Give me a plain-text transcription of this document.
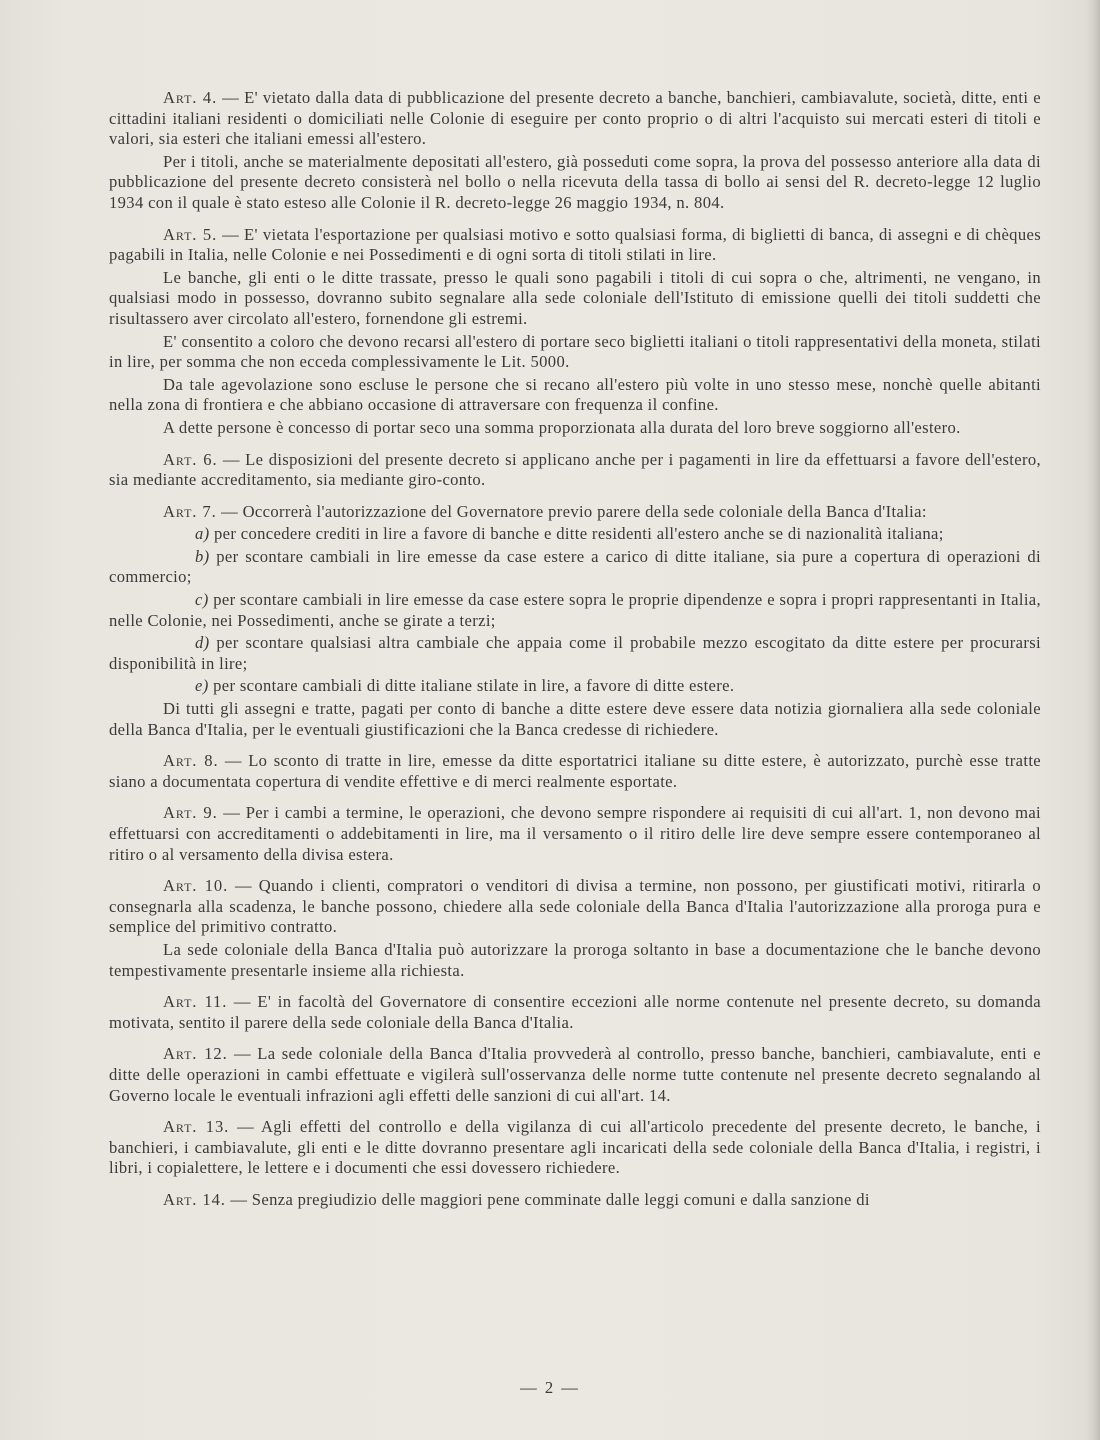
Art. 4. — E' vietato dalla data di pubblicazione del presente decreto a banche, banchieri, cambiavalute, società, ditte, enti e cittadini italiani residenti o domiciliati nelle Colonie di eseguire per conto proprio o di altri l'acquisto sui mercati esteri di titoli e valori, sia esteri che italiani emessi all'estero.

Per i titoli, anche se materialmente depositati all'estero, già posseduti come sopra, la prova del possesso anteriore alla data di pubblicazione del presente decreto consisterà nel bollo o nella ricevuta della tassa di bollo ai sensi del R. decreto-legge 12 luglio 1934 con il quale è stato esteso alle Colonie il R. decreto-legge 26 maggio 1934, n. 804.

Art. 5. — E' vietata l'esportazione per qualsiasi motivo e sotto qualsiasi forma, di biglietti di banca, di assegni e di chèques pagabili in Italia, nelle Colonie e nei Possedimenti e di ogni sorta di titoli stilati in lire.

Le banche, gli enti o le ditte trassate, presso le quali sono pagabili i titoli di cui sopra o che, altrimenti, ne vengano, in qualsiasi modo in possesso, dovranno subito segnalare alla sede coloniale dell'Istituto di emissione quelli dei titoli suddetti che risultassero aver circolato all'estero, fornendone gli estremi.

E' consentito a coloro che devono recarsi all'estero di portare seco biglietti italiani o titoli rappresentativi della moneta, stilati in lire, per somma che non ecceda complessivamente le Lit. 5000.

Da tale agevolazione sono escluse le persone che si recano all'estero più volte in uno stesso mese, nonchè quelle abitanti nella zona di frontiera e che abbiano occasione di attraversare con frequenza il confine.

A dette persone è concesso di portar seco una somma proporzionata alla durata del loro breve soggiorno all'estero.

Art. 6. — Le disposizioni del presente decreto si applicano anche per i pagamenti in lire da effettuarsi a favore dell'estero, sia mediante accreditamento, sia mediante giro-conto.

Art. 7. — Occorrerà l'autorizzazione del Governatore previo parere della sede coloniale della Banca d'Italia:

a) per concedere crediti in lire a favore di banche e ditte residenti all'estero anche se di nazionalità italiana;

b) per scontare cambiali in lire emesse da case estere a carico di ditte italiane, sia pure a copertura di operazioni di commercio;

c) per scontare cambiali in lire emesse da case estere sopra le proprie dipendenze e sopra i propri rappresentanti in Italia, nelle Colonie, nei Possedimenti, anche se girate a terzi;

d) per scontare qualsiasi altra cambiale che appaia come il probabile mezzo escogitato da ditte estere per procurarsi disponibilità in lire;

e) per scontare cambiali di ditte italiane stilate in lire, a favore di ditte estere.

Di tutti gli assegni e tratte, pagati per conto di banche a ditte estere deve essere data notizia giornaliera alla sede coloniale della Banca d'Italia, per le eventuali giustificazioni che la Banca credesse di richiedere.

Art. 8. — Lo sconto di tratte in lire, emesse da ditte esportatrici italiane su ditte estere, è autorizzato, purchè esse tratte siano a documentata copertura di vendite effettive e di merci realmente esportate.

Art. 9. — Per i cambi a termine, le operazioni, che devono sempre rispondere ai requisiti di cui all'art. 1, non devono mai effettuarsi con accreditamenti o addebitamenti in lire, ma il versamento o il ritiro delle lire deve sempre essere contemporaneo al ritiro o al versamento della divisa estera.

Art. 10. — Quando i clienti, compratori o venditori di divisa a termine, non possono, per giustificati motivi, ritirarla o consegnarla alla scadenza, le banche possono, chiedere alla sede coloniale della Banca d'Italia l'autorizzazione alla proroga pura e semplice del primitivo contratto.

La sede coloniale della Banca d'Italia può autorizzare la proroga soltanto in base a documentazione che le banche devono tempestivamente presentarle insieme alla richiesta.

Art. 11. — E' in facoltà del Governatore di consentire eccezioni alle norme contenute nel presente decreto, su domanda motivata, sentito il parere della sede coloniale della Banca d'Italia.

Art. 12. — La sede coloniale della Banca d'Italia provvederà al controllo, presso banche, banchieri, cambiavalute, enti e ditte delle operazioni in cambi effettuate e vigilerà sull'osservanza delle norme tutte contenute nel presente decreto segnalando al Governo locale le eventuali infrazioni agli effetti delle sanzioni di cui all'art. 14.

Art. 13. — Agli effetti del controllo e della vigilanza di cui all'articolo precedente del presente decreto, le banche, i banchieri, i cambiavalute, gli enti e le ditte dovranno presentare agli incaricati della sede coloniale della Banca d'Italia, i registri, i libri, i copialettere, le lettere e i documenti che essi dovessero richiedere.

Art. 14. — Senza pregiudizio delle maggiori pene comminate dalle leggi comuni e dalla sanzione di

— 2 —
